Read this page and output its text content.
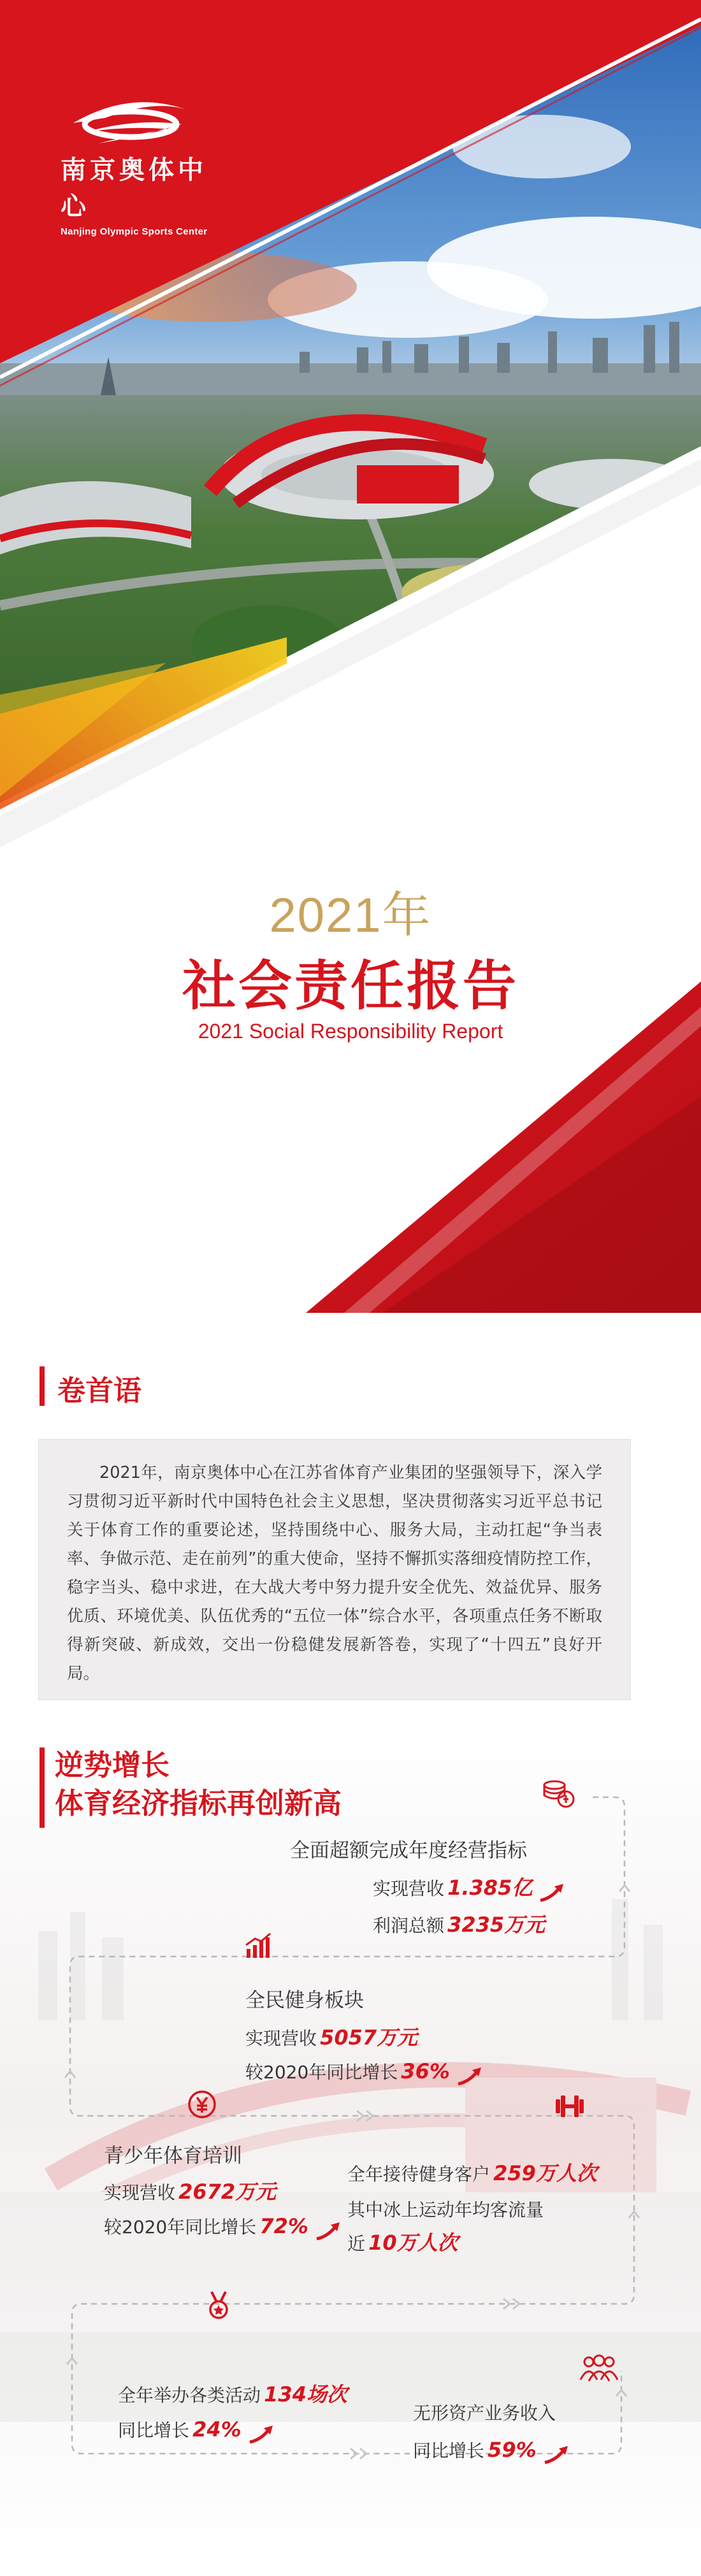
南京奥体中心
Nanjing Olympic Sports Center
2021年
社会责任报告
2021 Social Responsibility Report
卷首语
2021年，南京奥体中心在江苏省体育产业集团的坚强领导下，深入学习贯彻习近平新时代中国特色社会主义思想，坚决贯彻落实习近平总书记关于体育工作的重要论述，坚持围绕中心、服务大局，主动扛起“争当表率、争做示范、走在前列”的重大使命，坚持不懈抓实落细疫情防控工作，稳字当头、稳中求进，在大战大考中努力提升安全优先、效益优异、服务优质、环境优美、队伍优秀的“五位一体”综合水平，各项重点任务不断取得新突破、新成效，交出一份稳健发展新答卷，实现了“十四五”良好开局。
逆势增长
体育经济指标再创新高
全面超额完成年度经营指标
实现营收 1.385亿
利润总额 3235万元
全民健身板块
实现营收 5057万元
较2020年同比增长 36%
青少年体育培训
实现营收 2672万元
较2020年同比增长 72%
全年接待健身客户 259万人次
其中冰上运动年均客流量
近 10万人次
全年举办各类活动 134场次
同比增长 24%
无形资产业务收入
同比增长 59%
